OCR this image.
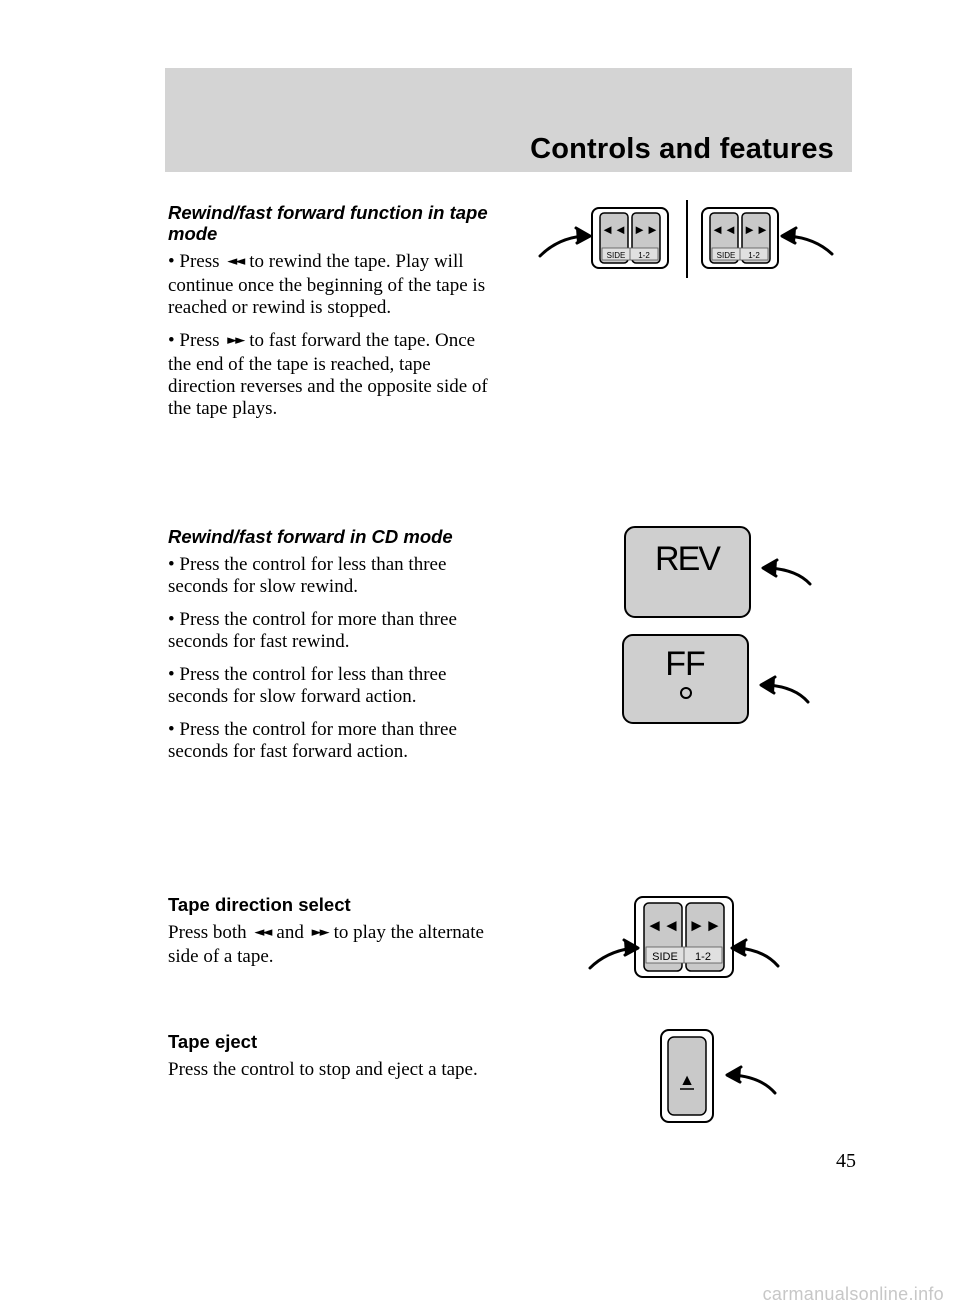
Controls and features

Rewind/fast forward function in tape mode

• Press ◄◄ to rewind the tape. Play will continue once the beginning of the tape is reached or rewind is stopped.

• Press ►► to fast forward the tape. Once the end of the tape is reached, tape direction reverses and the opposite side of the tape plays.

Rewind/fast forward in CD mode

• Press the control for less than three seconds for slow rewind.

• Press the control for more than three seconds for fast rewind.

• Press the control for less than three seconds for slow forward action.

• Press the control for more than three seconds for fast forward action.

Tape direction select

Press both ◄◄ and ►► to play the alternate side of a tape.

Tape eject

Press the control to stop and eject a tape.

◄◄ ►►
SIDE 1-2
◄◄ ►►
SIDE 1-2
REV
FF
◄◄ ►►
SIDE 1-2
▲
45
carmanualsonline.info
